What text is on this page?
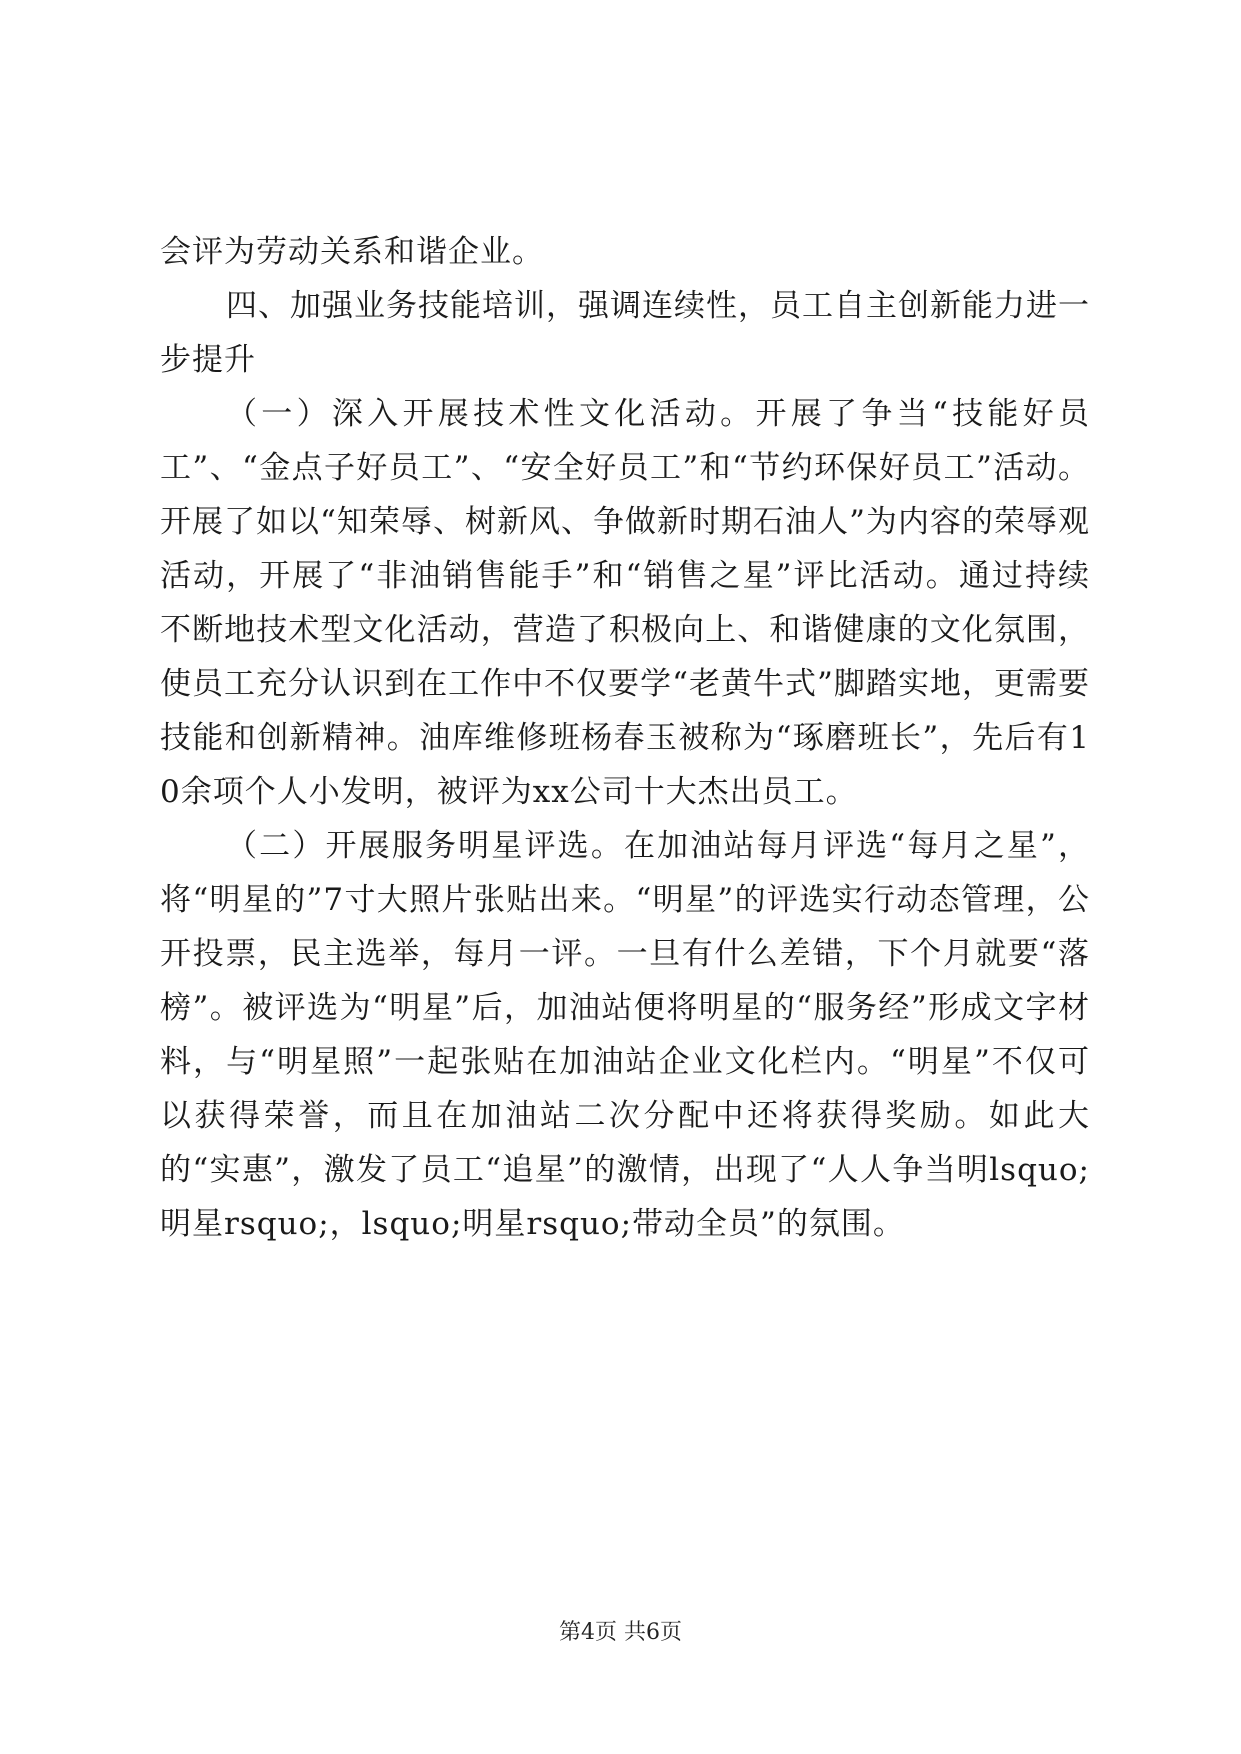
会评为劳动关系和谐企业。

四、加强业务技能培训，强调连续性，员工自主创新能力进一步提升

（一）深入开展技术性文化活动。开展了争当“技能好员工”、“金点子好员工”、“安全好员工”和“节约环保好员工”活动。开展了如以“知荣辱、树新风、争做新时期石油人”为内容的荣辱观活动，开展了“非油销售能手”和“销售之星”评比活动。通过持续不断地技术型文化活动，营造了积极向上、和谐健康的文化氛围，使员工充分认识到在工作中不仅要学“老黄牛式”脚踏实地，更需要技能和创新精神。油库维修班杨春玉被称为“琢磨班长”，先后有10余项个人小发明，被评为xx公司十大杰出员工。

（二）开展服务明星评选。在加油站每月评选“每月之星”，将“明星的”7寸大照片张贴出来。“明星”的评选实行动态管理，公开投票，民主选举，每月一评。一旦有什么差错，下个月就要“落榜”。被评选为“明星”后，加油站便将明星的“服务经”形成文字材料，与“明星照”一起张贴在加油站企业文化栏内。“明星”不仅可以获得荣誉，而且在加油站二次分配中还将获得奖励。如此大的“实惠”，激发了员工“追星”的激情，出现了“人人争当明lsquo;明星rsquo;，lsquo;明星rsquo;带动全员”的氛围。

第4页 共6页
